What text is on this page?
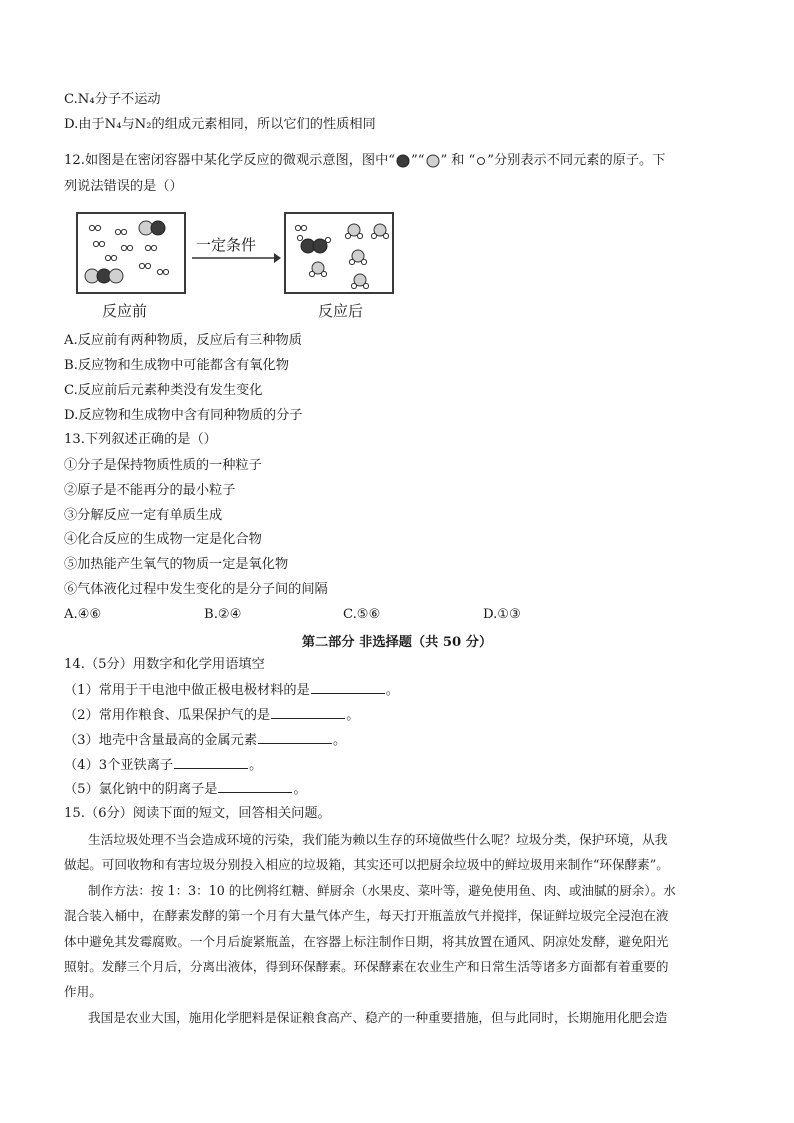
C.N₄分子不运动
D.由于N₄与N₂的组成元素相同，所以它们的性质相同
12.如图是在密闭容器中某化学反应的微观示意图，图中“ ”“ ” 和 “ ”分别表示不同元素的原子。下
列说法错误的是（）
一定条件
反应前	反应后
A.反应前有两种物质，反应后有三种物质
B.反应物和生成物中可能都含有氧化物
C.反应前后元素种类没有发生变化
D.反应物和生成物中含有同种物质的分子
13.下列叙述正确的是（）
①分子是保持物质性质的一种粒子
②原子是不能再分的最小粒子
③分解反应一定有单质生成
④化合反应的生成物一定是化合物
⑤加热能产生氧气的物质一定是氧化物
⑥气体液化过程中发生变化的是分子间的间隔
A.④⑥	B.②④	C.⑤⑥	D.①③
第二部分 非选择题（共 50 分）
14.（5分）用数字和化学用语填空
（1）常用于干电池中做正极电极材料的是	。
（2）常用作粮食、瓜果保护气的是	。
（3）地壳中含量最高的金属元素	。
（4）3个亚铁离子	。
（5）氯化钠中的阴离子是	。
15.（6分）阅读下面的短文，回答相关问题。
生活垃圾处理不当会造成环境的污染，我们能为赖以生存的环境做些什么呢？垃圾分类，保护环境，从我
做起。可回收物和有害垃圾分别投入相应的垃圾箱，其实还可以把厨余垃圾中的鲜垃圾用来制作“环保酵素”。
制作方法：按 1：3：10 的比例将红糖、鲜厨余（水果皮、菜叶等，避免使用鱼、肉、或油腻的厨余）。水
混合装入桶中，在酵素发酵的第一个月有大量气体产生，每天打开瓶盖放气并搅拌，保证鲜垃圾完全浸泡在液
体中避免其发霉腐败。一个月后旋紧瓶盖，在容器上标注制作日期，将其放置在通风、阴凉处发酵，避免阳光
照射。发酵三个月后，分离出液体，得到环保酵素。环保酵素在农业生产和日常生活等诸多方面都有着重要的
作用。
我国是农业大国，施用化学肥料是保证粮食高产、稳产的一种重要措施，但与此同时，长期施用化肥会造
